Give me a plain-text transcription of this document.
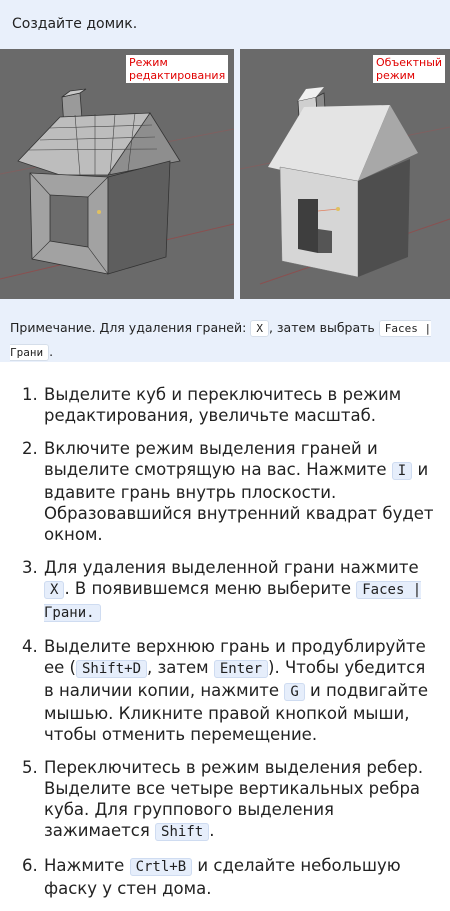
Создайте домик.
Режим
редактирования
Объектный
режим
Примечание. Для удаления граней: X , затем выбрать Faces |
Грани .
1. Выделите куб и переключитесь в режим редактирования, увеличьте масштаб.
2. Включите режим выделения граней и выделите смотрящую на вас. Нажмите I и вдавите грань внутрь плоскости. Образовавшийся внутренний квадрат будет окном.
3. Для удаления выделенной грани нажмите X . В появившемся меню выберите Faces | Грани.
4. Выделите верхнюю грань и продублируйте ее ( Shift+D , затем Enter ). Чтобы убедится в наличии копии, нажмите G и подвигайте мышью. Кликните правой кнопкой мыши, чтобы отменить перемещение.
5. Переключитесь в режим выделения ребер. Выделите все четыре вертикальных ребра куба. Для группового выделения зажимается Shift .
6. Нажмите Crtl+B и сделайте небольшую фаску у стен дома.
